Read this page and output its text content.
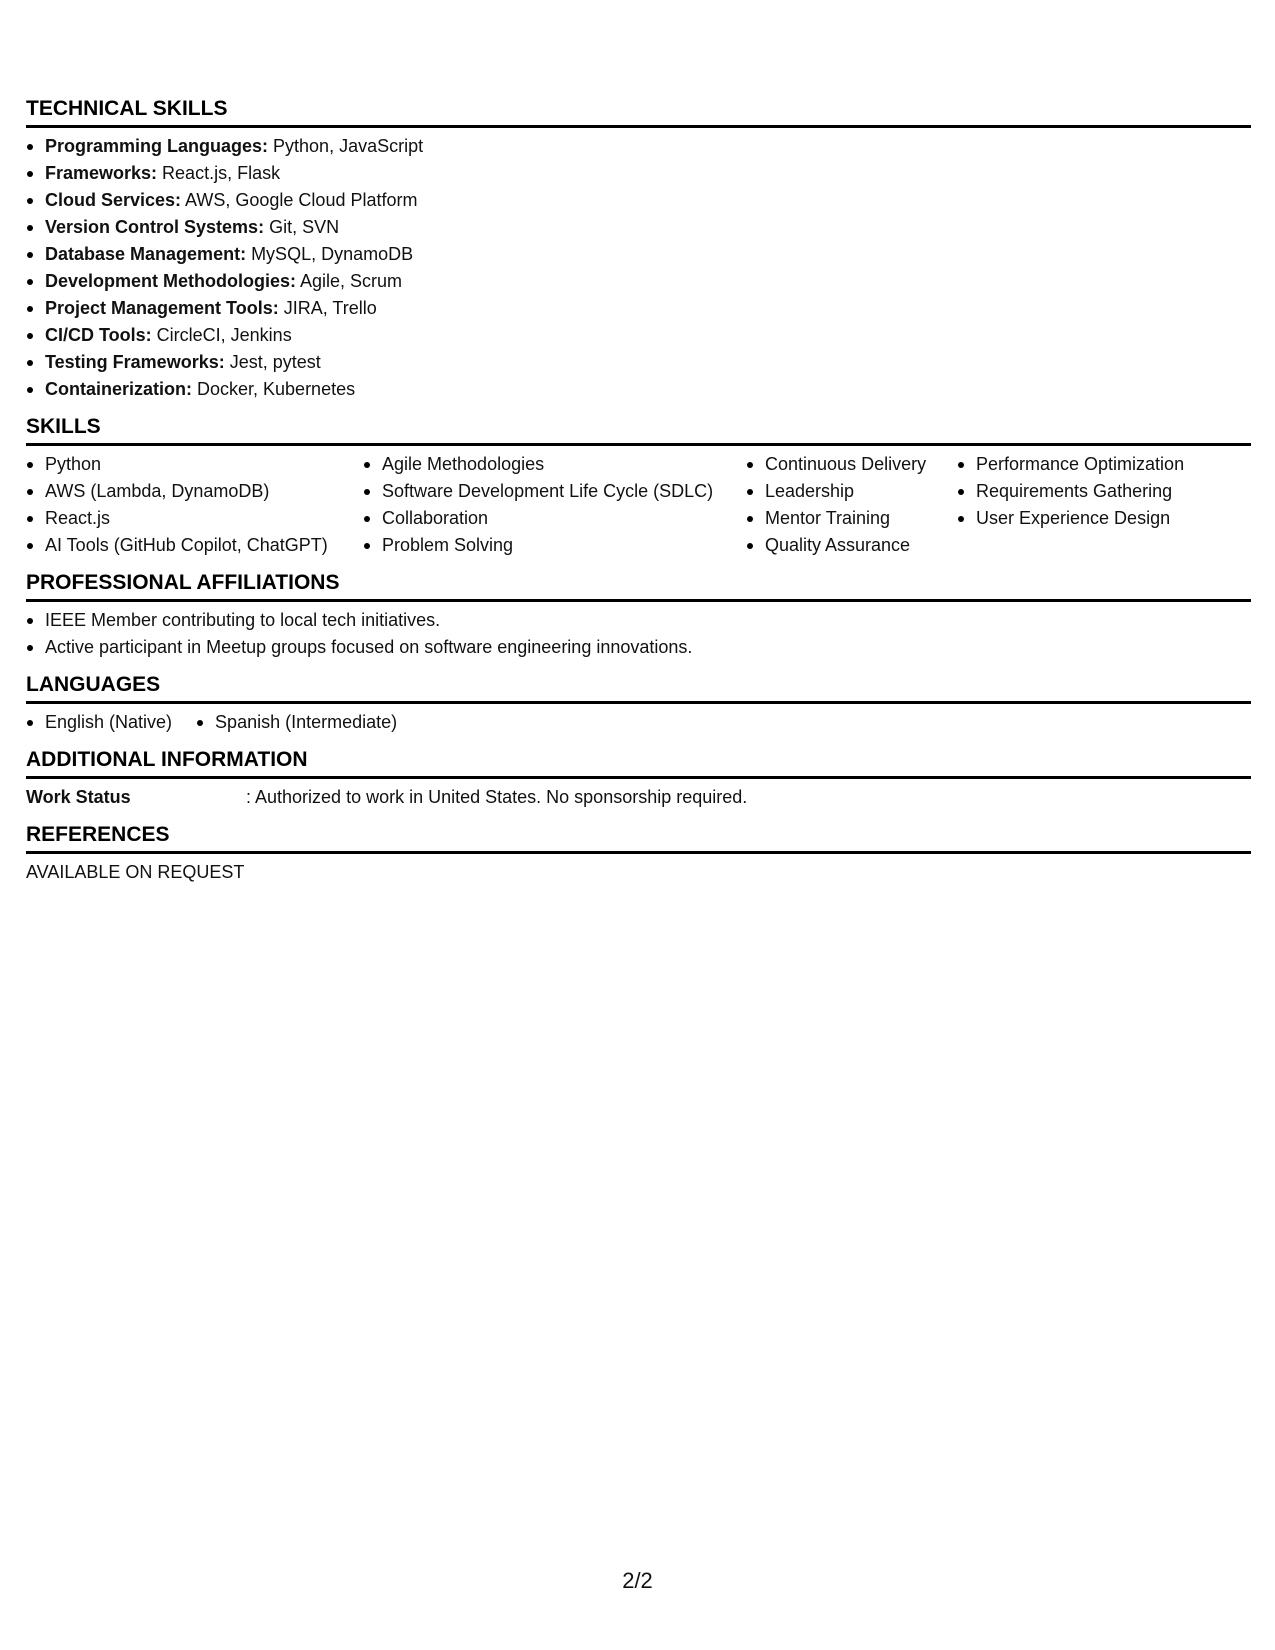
TECHNICAL SKILLS
Programming Languages: Python, JavaScript
Frameworks: React.js, Flask
Cloud Services: AWS, Google Cloud Platform
Version Control Systems: Git, SVN
Database Management: MySQL, DynamoDB
Development Methodologies: Agile, Scrum
Project Management Tools: JIRA, Trello
CI/CD Tools: CircleCI, Jenkins
Testing Frameworks: Jest, pytest
Containerization: Docker, Kubernetes
SKILLS
Python
AWS (Lambda, DynamoDB)
React.js
AI Tools (GitHub Copilot, ChatGPT)
Agile Methodologies
Software Development Life Cycle (SDLC)
Collaboration
Problem Solving
Continuous Delivery
Leadership
Mentor Training
Quality Assurance
Performance Optimization
Requirements Gathering
User Experience Design
PROFESSIONAL AFFILIATIONS
IEEE Member contributing to local tech initiatives.
Active participant in Meetup groups focused on software engineering innovations.
LANGUAGES
English (Native)	Spanish (Intermediate)
ADDITIONAL INFORMATION
Work Status	: Authorized to work in United States. No sponsorship required.
REFERENCES
AVAILABLE ON REQUEST
2/2
